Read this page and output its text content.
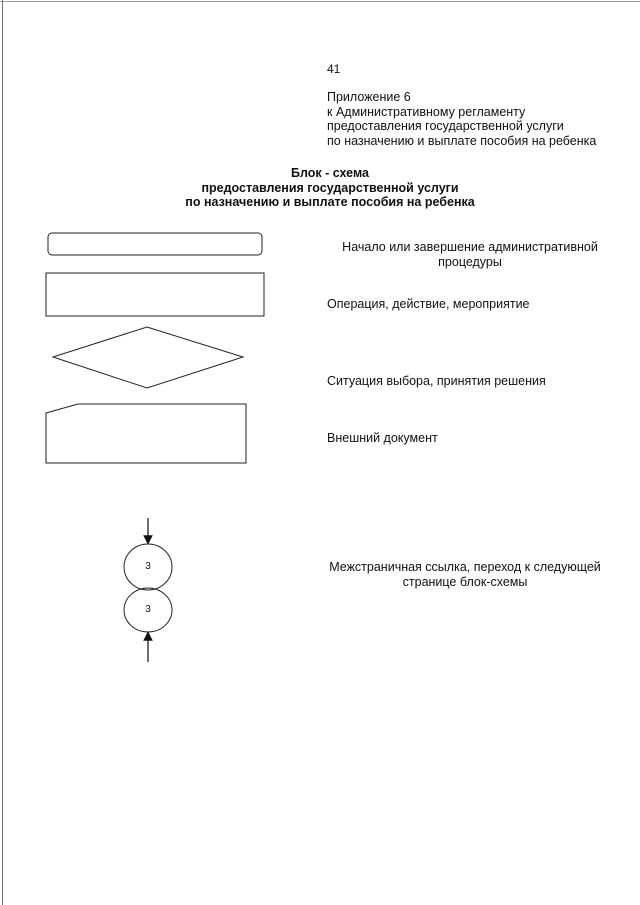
41
Приложение 6
к Административному регламенту
предоставления государственной услуги
по назначению и выплате пособия на ребенка
Блок - схема
предоставления государственной услуги
по назначению и выплате пособия на ребенка
3
3
Начало или завершение административной
процедуры
Операция, действие, мероприятие
Ситуация выбора, принятия решения
Внешний документ
Межстраничная ссылка, переход к следующей
странице блок-схемы
